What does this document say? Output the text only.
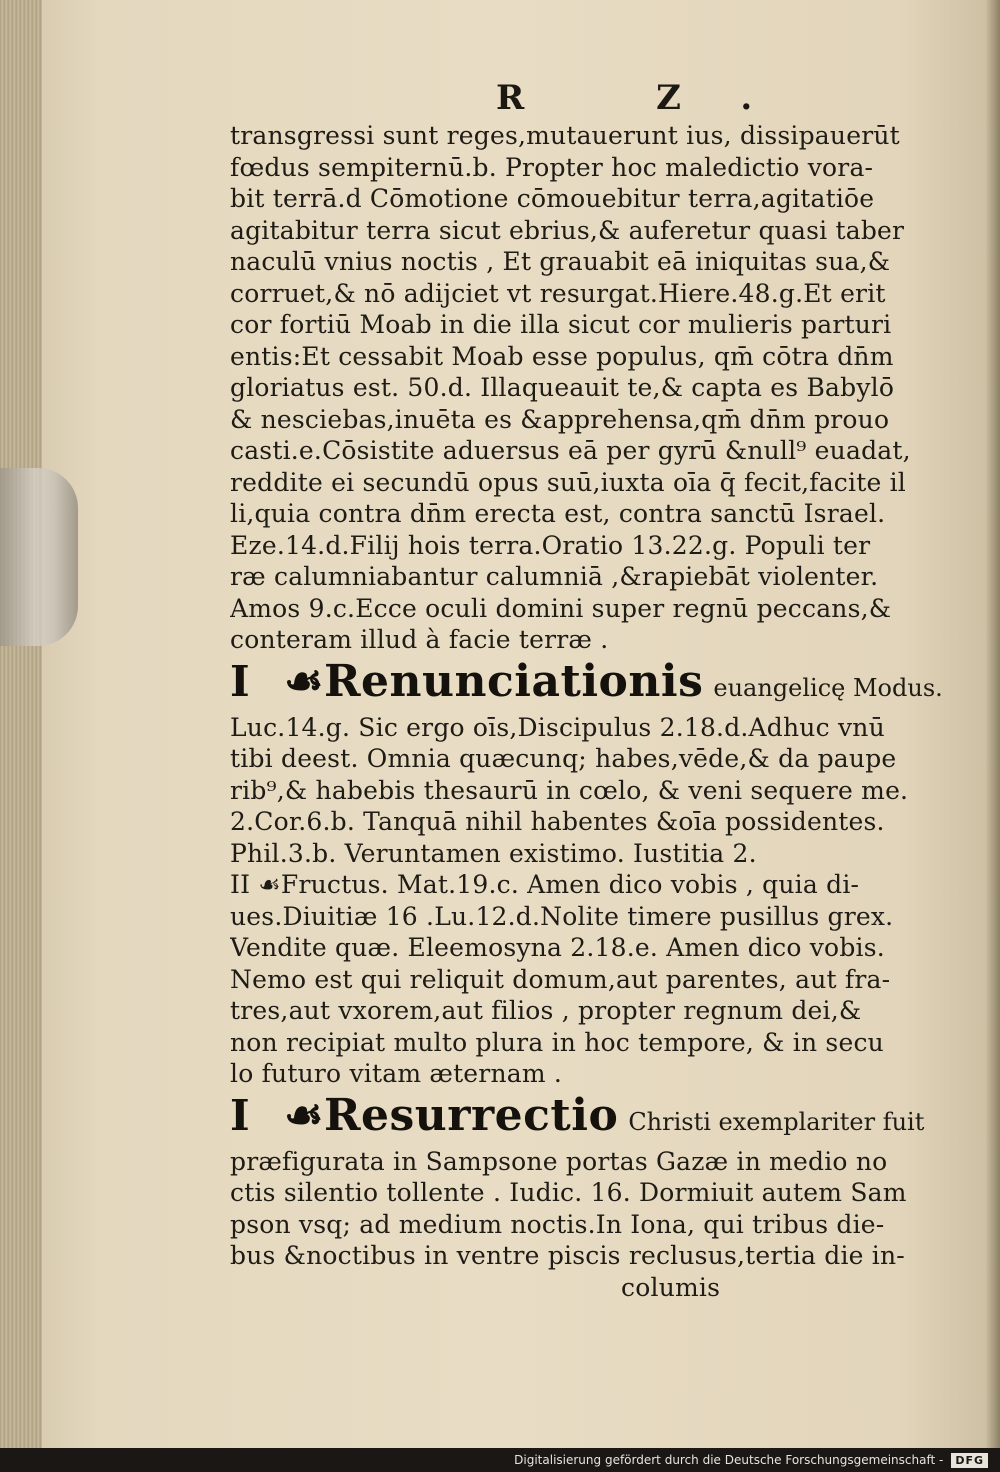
R Z.
transgressi sunt reges,mutauerunt ius, dissipauerūt
fœdus sempiternū.b. Propter hoc maledictio vora-
bit terrā.d Cōmotione cōmouebitur terra,agitatiōe
agitabitur terra sicut ebrius,& auferetur quasi taber
naculū vnius noctis , Et grauabit eā iniquitas sua,&
corruet,& nō adijciet vt resurgat.Hiere.48.g.Et erit
cor fortiū Moab in die illa sicut cor mulieris parturi
entis:Et cessabit Moab esse populus, qm̄ cōtra dn̄m
gloriatus est. 50.d. Illaqueauit te,& capta es Babylō
& nesciebas,inuēta es &apprehensa,qm̄ dn̄m prouo
casti.e.Cōsistite aduersus eā per gyrū &null⁹ euadat,
reddite ei secundū opus suū,iuxta oīa q̄ fecit,facite il
li,quia contra dn̄m erecta est, contra sanctū Israel.
Eze.14.d.Filij hois terra.Oratio 13.22.g. Populi ter
ræ calumniabantur calumniā ,&rapiebāt violenter.
Amos 9.c.Ecce oculi domini super regnū peccans,&
conteram illud à facie terræ .
I ☙Renunciationis euangelicę Modus.
Luc.14.g. Sic ergo oīs,Discipulus 2.18.d.Adhuc vnū
tibi deest. Omnia quæcunq; habes,vēde,& da paupe
rib⁹,& habebis thesaurū in cœlo, & veni sequere me.
2.Cor.6.b. Tanquā nihil habentes &oīa possidentes.
Phil.3.b. Veruntamen existimo. Iustitia 2.
II ☙Fructus. Mat.19.c. Amen dico vobis , quia di-
ues.Diuitiæ 16 .Lu.12.d.Nolite timere pusillus grex.
Vendite quæ. Eleemosyna 2.18.e. Amen dico vobis.
Nemo est qui reliquit domum,aut parentes, aut fra-
tres,aut vxorem,aut filios , propter regnum dei,&
non recipiat multo plura in hoc tempore, & in secu
lo futuro vitam æternam .
I ☙Resurrectio Christi exemplariter fuit
præfigurata in Sampsone portas Gazæ in medio no
ctis silentio tollente . Iudic. 16. Dormiuit autem Sam
pson vsq; ad medium noctis.In Iona, qui tribus die-
bus &noctibus in ventre piscis reclusus,tertia die in-
columis
Digitalisierung gefördert durch die Deutsche Forschungsgemeinschaft -	DFG
